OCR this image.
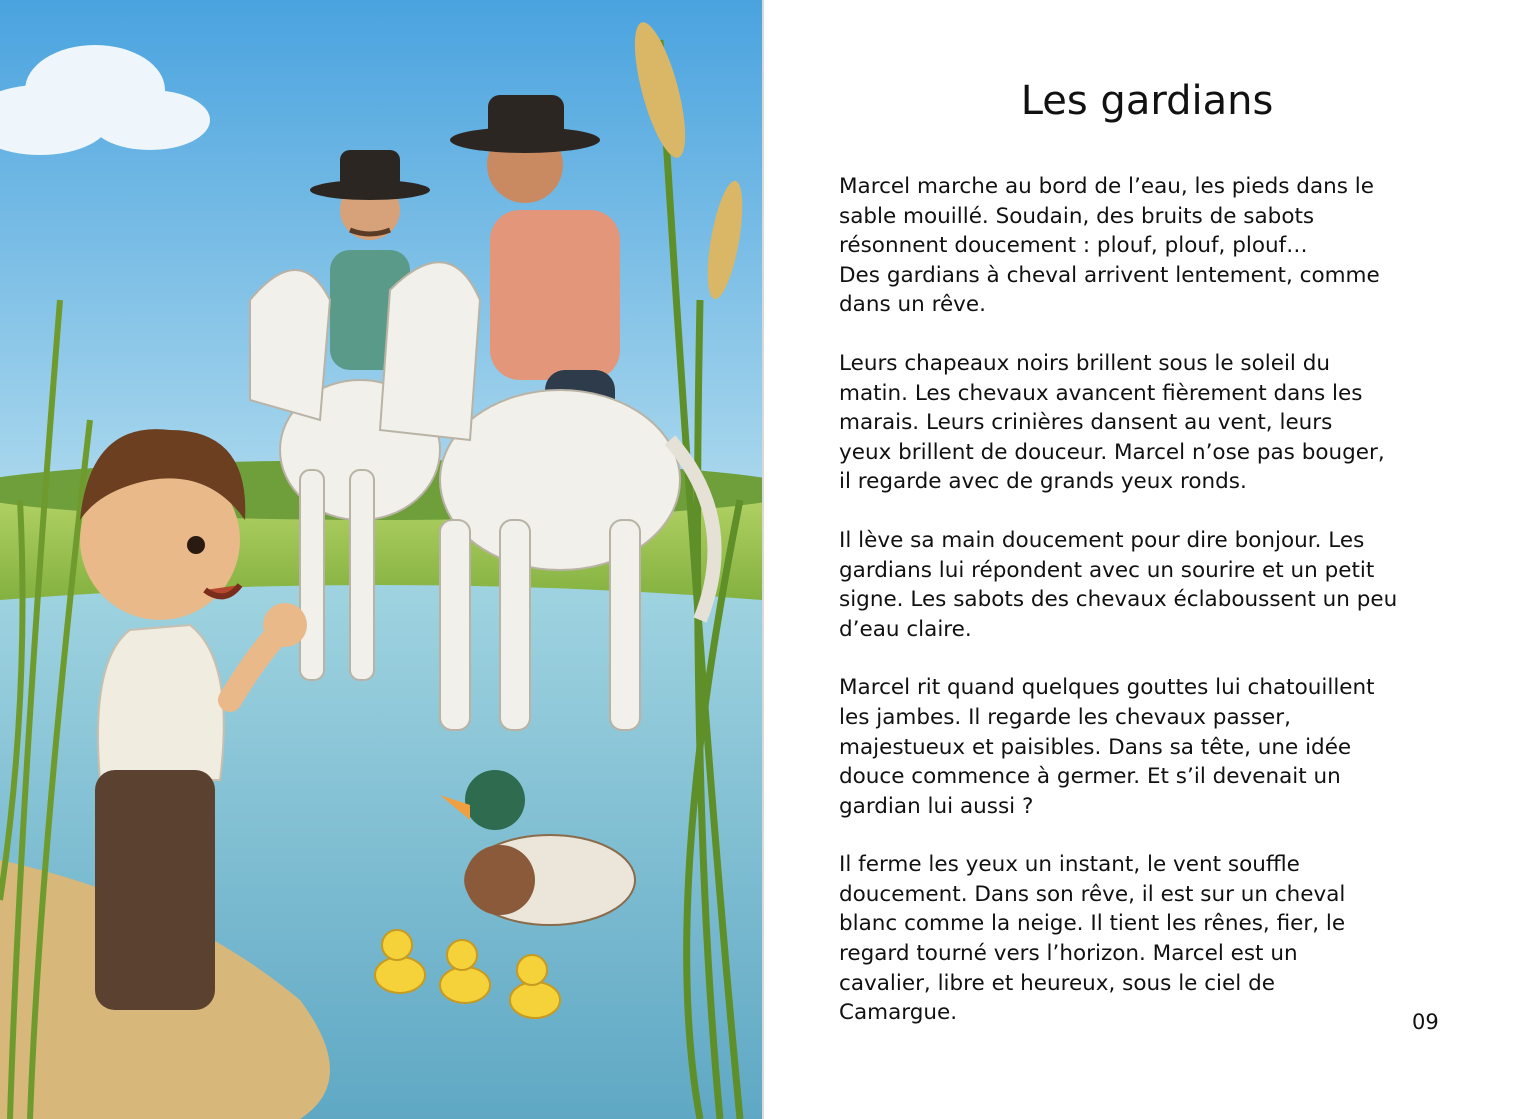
Les gardians

Marcel marche au bord de l’eau, les pieds dans le
sable mouillé. Soudain, des bruits de sabots
résonnent doucement : plouf, plouf, plouf…
Des gardians à cheval arrivent lentement, comme
dans un rêve.

Leurs chapeaux noirs brillent sous le soleil du
matin. Les chevaux avancent fièrement dans les
marais. Leurs crinières dansent au vent, leurs
yeux brillent de douceur. Marcel n’ose pas bouger,
il regarde avec de grands yeux ronds.

Il lève sa main doucement pour dire bonjour. Les
gardians lui répondent avec un sourire et un petit
signe. Les sabots des chevaux éclaboussent un peu
d’eau claire.

Marcel rit quand quelques gouttes lui chatouillent
les jambes. Il regarde les chevaux passer,
majestueux et paisibles. Dans sa tête, une idée
douce commence à germer. Et s’il devenait un
gardian lui aussi ?

Il ferme les yeux un instant, le vent souffle
doucement. Dans son rêve, il est sur un cheval
blanc comme la neige. Il tient les rênes, fier, le
regard tourné vers l’horizon. Marcel est un
cavalier, libre et heureux, sous le ciel de
Camargue.	09
